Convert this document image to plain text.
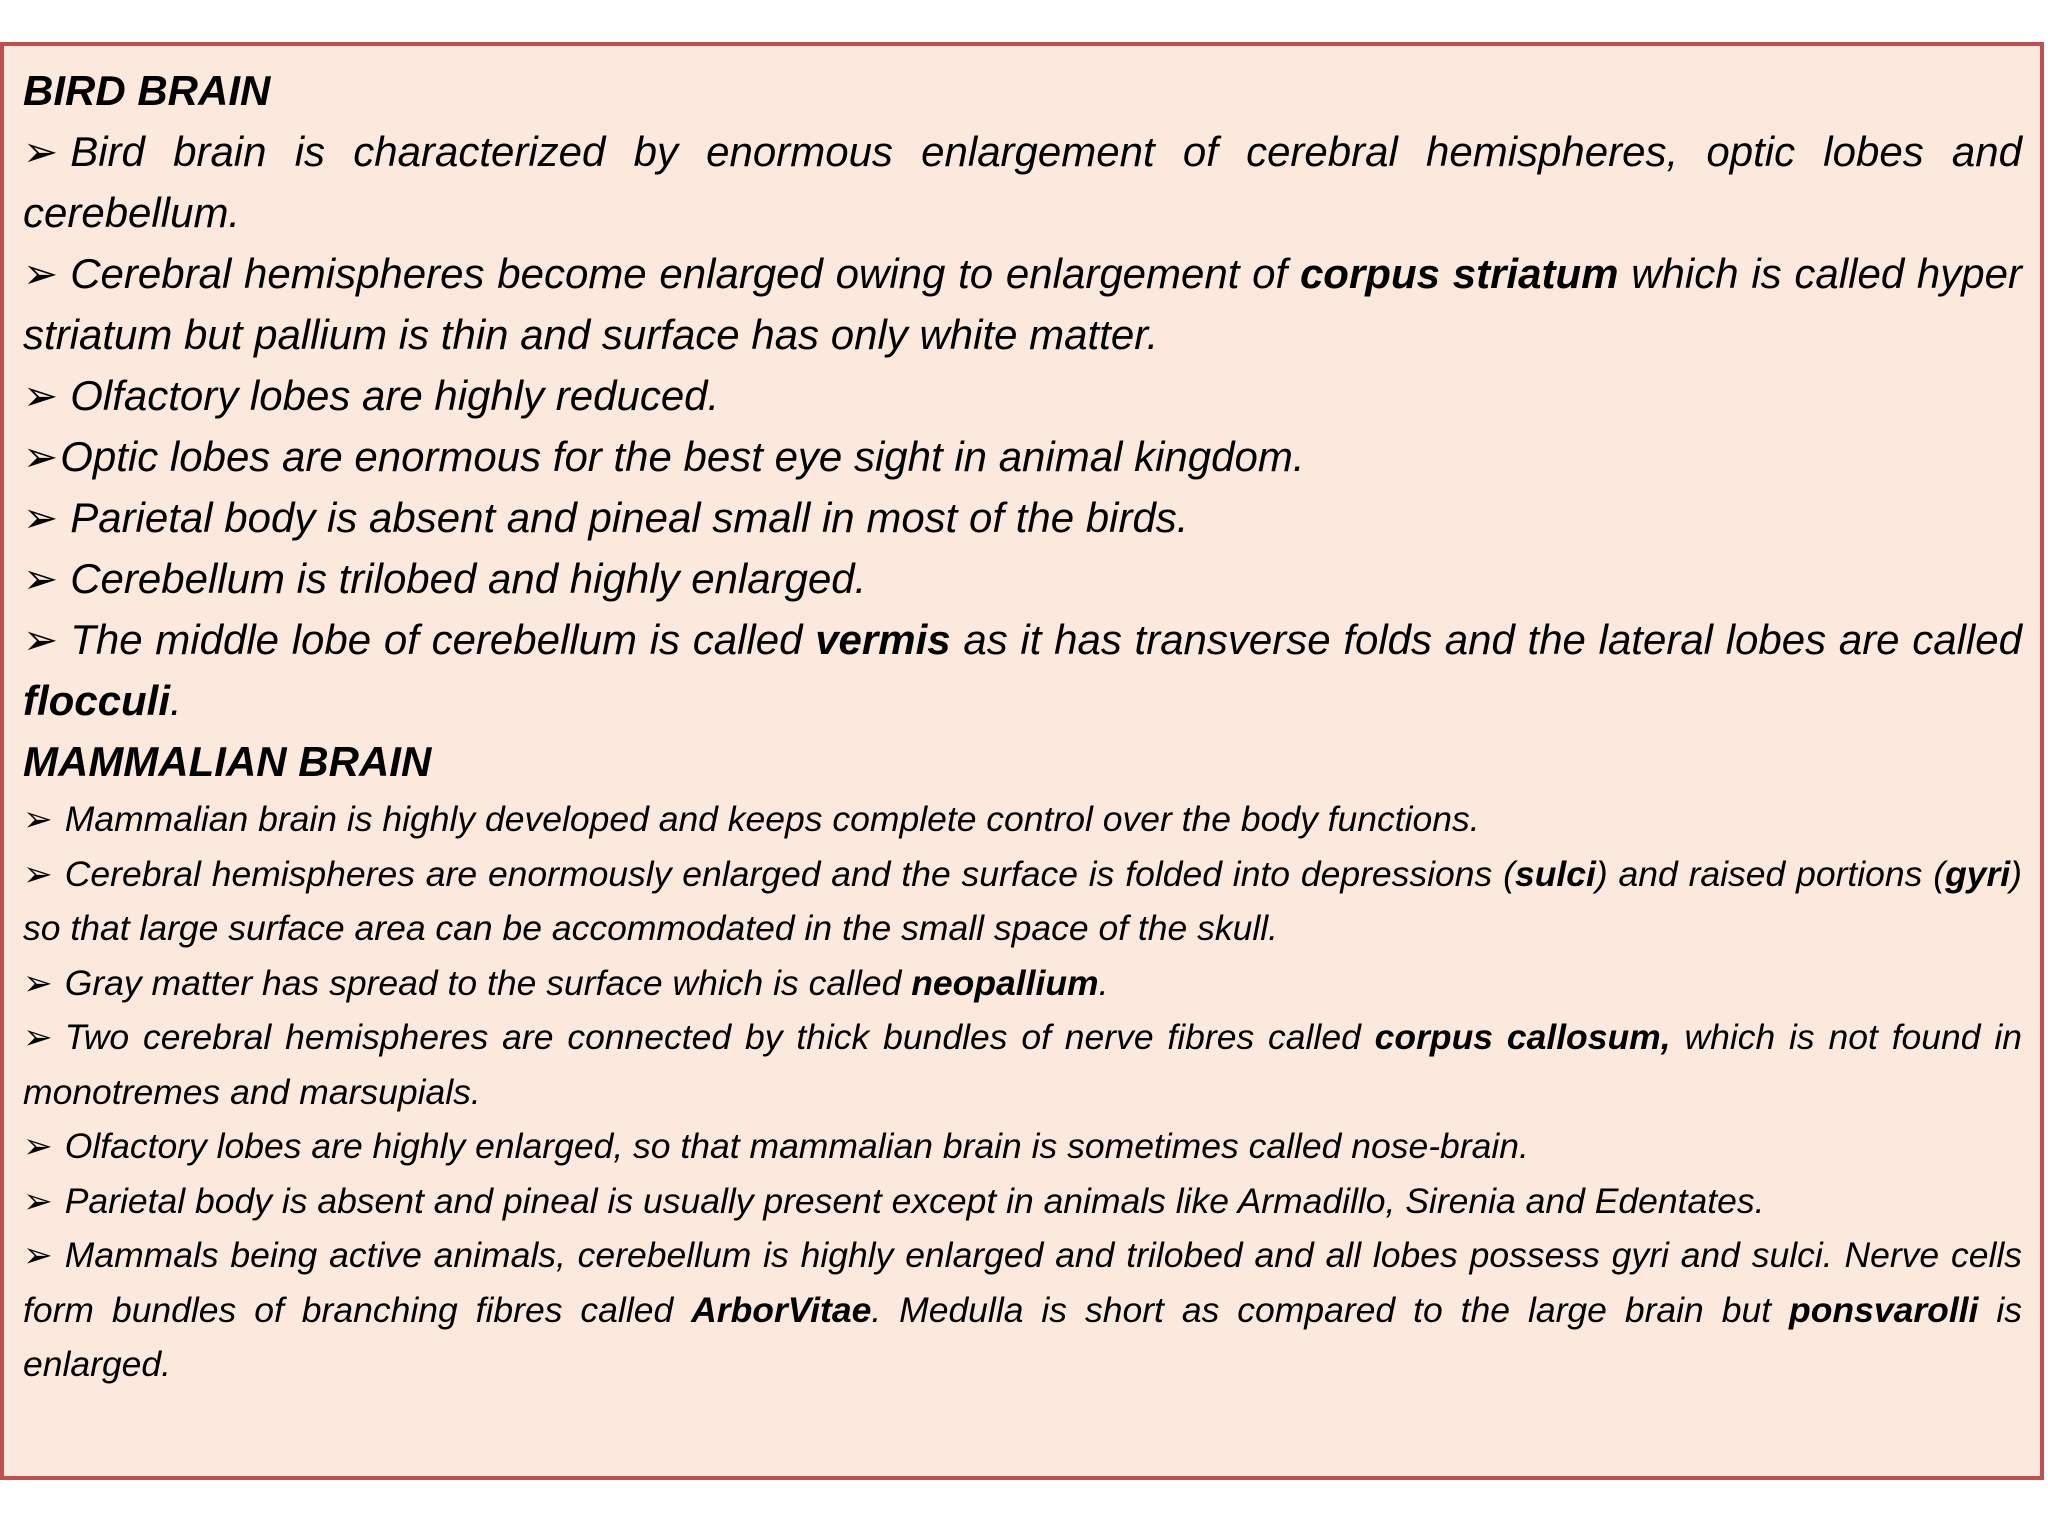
BIRD BRAIN

➢ Bird brain is characterized by enormous enlargement of cerebral hemispheres, optic lobes and cerebellum.

➢ Cerebral hemispheres become enlarged owing to enlargement of corpus striatum which is called hyper striatum but pallium is thin and surface has only white matter.

➢ Olfactory lobes are highly reduced.

➢Optic lobes are enormous for the best eye sight in animal kingdom.

➢ Parietal body is absent and pineal small in most of the birds.

➢ Cerebellum is trilobed and highly enlarged.

➢ The middle lobe of cerebellum is called vermis as it has transverse folds and the lateral lobes are called flocculi.

MAMMALIAN BRAIN

➢ Mammalian brain is highly developed and keeps complete control over the body functions.

➢ Cerebral hemispheres are enormously enlarged and the surface is folded into depressions (sulci) and raised portions (gyri) so that large surface area can be accommodated in the small space of the skull.

➢ Gray matter has spread to the surface which is called neopallium.

➢ Two cerebral hemispheres are connected by thick bundles of nerve fibres called corpus callosum, which is not found in monotremes and marsupials.

➢ Olfactory lobes are highly enlarged, so that mammalian brain is sometimes called nose-brain.

➢ Parietal body is absent and pineal is usually present except in animals like Armadillo, Sirenia and Edentates.

➢ Mammals being active animals, cerebellum is highly enlarged and trilobed and all lobes possess gyri and sulci. Nerve cells form bundles of branching fibres called ArborVitae. Medulla is short as compared to the large brain but ponsvarolli is enlarged.
